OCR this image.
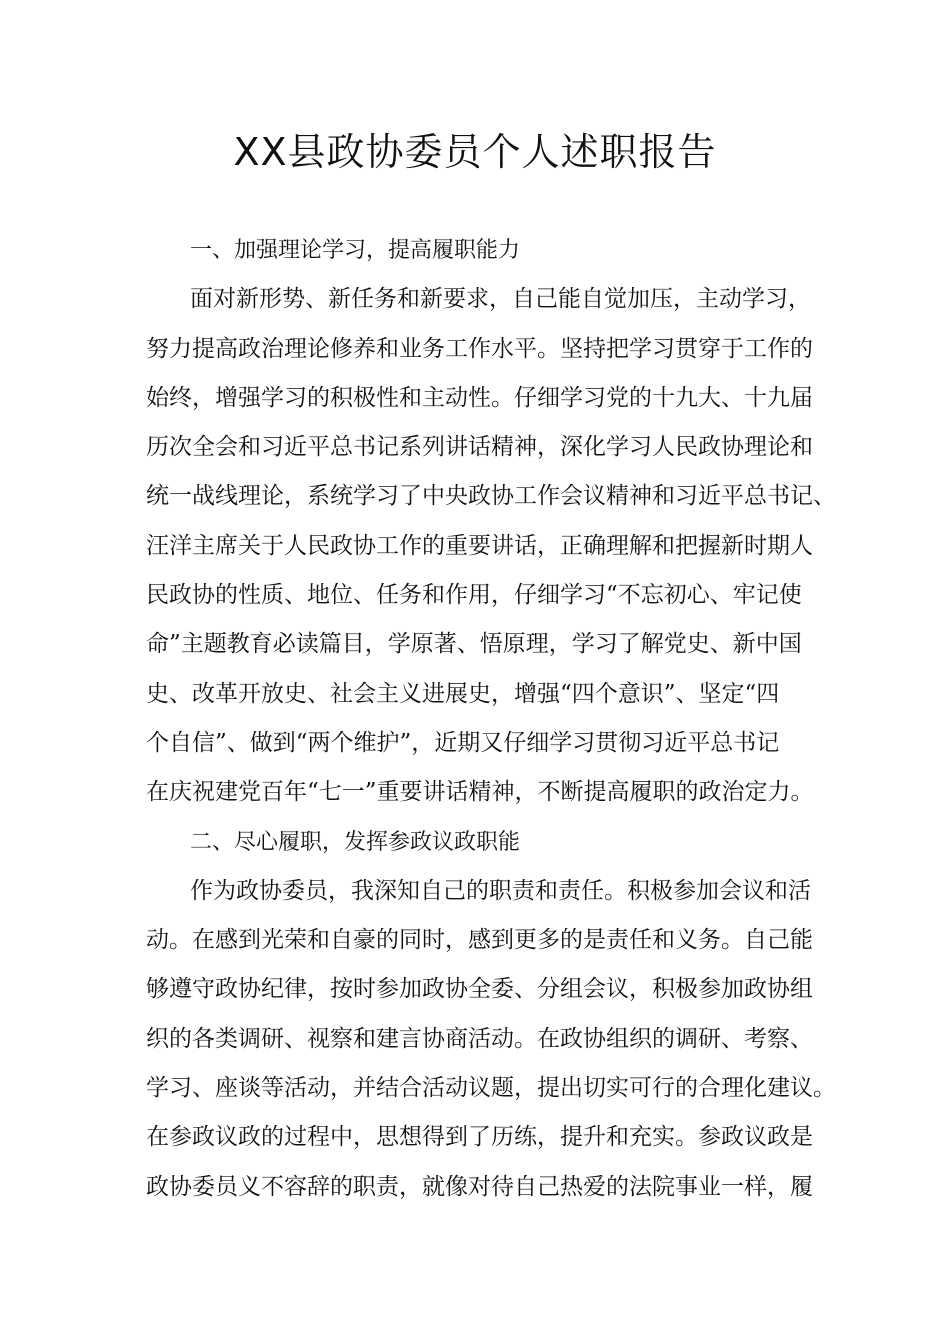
XX县政协委员个人述职报告
一、加强理论学习，提高履职能力

面对新形势、新任务和新要求，自己能自觉加压，主动学习，
努力提高政治理论修养和业务工作水平。坚持把学习贯穿于工作的
始终，增强学习的积极性和主动性。仔细学习党的十九大、十九届
历次全会和习近平总书记系列讲话精神，深化学习人民政协理论和
统一战线理论，系统学习了中央政协工作会议精神和习近平总书记、
汪洋主席关于人民政协工作的重要讲话，正确理解和把握新时期人
民政协的性质、地位、任务和作用，仔细学习“不忘初心、牢记使
命”主题教育必读篇目，学原著、悟原理，学习了解党史、新中国
史、改革开放史、社会主义进展史，增强“四个意识”、坚定“四
个自信”、做到“两个维护”，近期又仔细学习贯彻习近平总书记
在庆祝建党百年“七一”重要讲话精神，不断提高履职的政治定力。

二、尽心履职，发挥参政议政职能

作为政协委员，我深知自己的职责和责任。积极参加会议和活
动。在感到光荣和自豪的同时，感到更多的是责任和义务。自己能
够遵守政协纪律，按时参加政协全委、分组会议，积极参加政协组
织的各类调研、视察和建言协商活动。在政协组织的调研、考察、
学习、座谈等活动，并结合活动议题，提出切实可行的合理化建议。
在参政议政的过程中，思想得到了历练，提升和充实。参政议政是
政协委员义不容辞的职责，就像对待自己热爱的法院事业一样，履
